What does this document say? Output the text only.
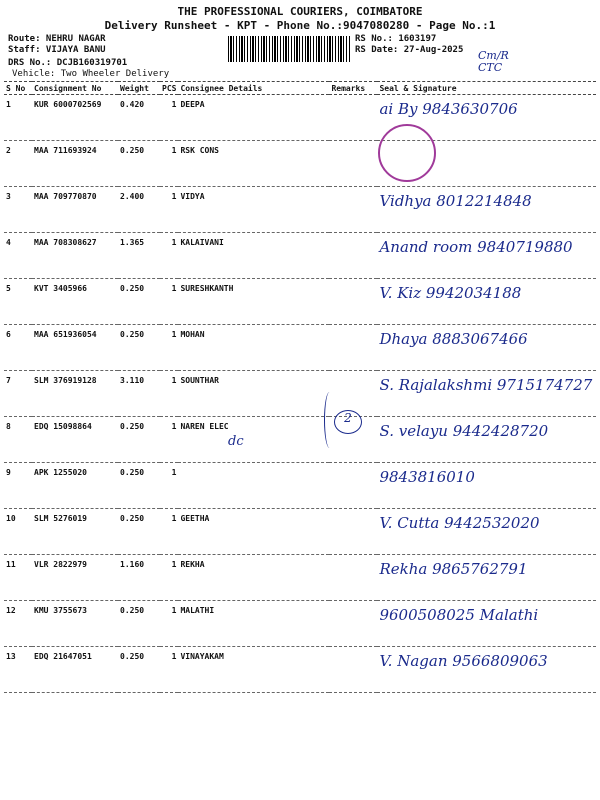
THE PROFESSIONAL COURIERS, COIMBATORE
Delivery Runsheet - KPT - Phone No.:9047080280 - Page No.:1
Route: NEHRU NAGAR
Staff: VIJAYA BANU
DRS No.: DCJB160319701
Vehicle: Two Wheeler Delivery
RS No.: 1603197
RS Date: 27-Aug-2025 Cm/R CTC
S No	Consignment No	Weight	PCS	Consignee Details	Remarks	Seal & Signature
1	KUR 6000702569	0.420	1	DEEPA		ai By 9843630706
2	MAA 711693924	0.250	1	RSK CONS		
3	MAA 709770870	2.400	1	VIDYA		Vidhya 8012214848
4	MAA 708308627	1.365	1	KALAIVANI		Anand room 9840719880
5	KVT 3405966	0.250	1	SURESHKANTH		V. Kiz 9942034188
6	MAA 651936054	0.250	1	MOHAN		Dhaya 8883067466
7	SLM 376919128	3.110	1	SOUNTHAR		S. Rajalakshmi 9715174727
8	EDQ 15098864	0.250	1	NAREN ELEC		S. velayu 9442428720
9	APK 1255020	0.250	1			9843816010
10	SLM 5276019	0.250	1	GEETHA		V. Cutta 9442532020
11	VLR 2822979	1.160	1	REKHA		Rekha 9865762791
12	KMU 3755673	0.250	1	MALATHI		9600508025 Malathi
13	EDQ 21647051	0.250	1	VINAYAKAM		V. Nagan 9566809063
dc
2
